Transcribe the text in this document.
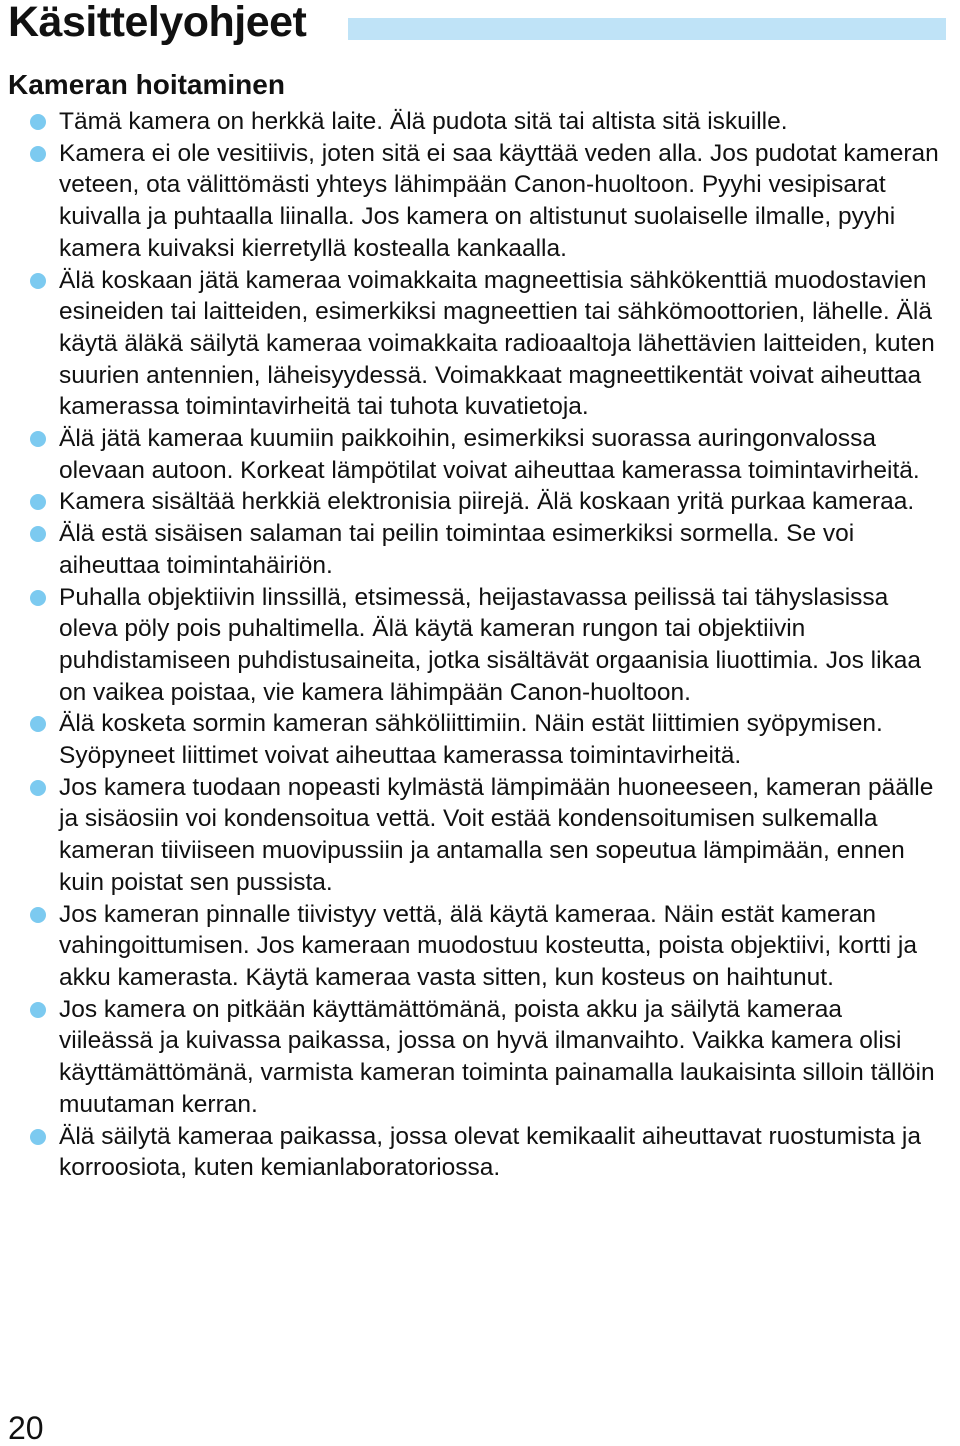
Käsittelyohjeet
Kameran hoitaminen
Tämä kamera on herkkä laite. Älä pudota sitä tai altista sitä iskuille.
Kamera ei ole vesitiivis, joten sitä ei saa käyttää veden alla. Jos pudotat kameran veteen, ota välittömästi yhteys lähimpään Canon-huoltoon. Pyyhi vesipisarat kuivalla ja puhtaalla liinalla. Jos kamera on altistunut suolaiselle ilmalle, pyyhi kamera kuivaksi kierretyllä kostealla kankaalla.
Älä koskaan jätä kameraa voimakkaita magneettisia sähkökenttiä muodostavien esineiden tai laitteiden, esimerkiksi magneettien tai sähkömoottorien, lähelle. Älä käytä äläkä säilytä kameraa voimakkaita radioaaltoja lähettävien laitteiden, kuten suurien antennien, läheisyydessä. Voimakkaat magneettikentät voivat aiheuttaa kamerassa toimintavirheitä tai tuhota kuvatietoja.
Älä jätä kameraa kuumiin paikkoihin, esimerkiksi suorassa auringonvalossa olevaan autoon. Korkeat lämpötilat voivat aiheuttaa kamerassa toimintavirheitä.
Kamera sisältää herkkiä elektronisia piirejä. Älä koskaan yritä purkaa kameraa.
Älä estä sisäisen salaman tai peilin toimintaa esimerkiksi sormella. Se voi aiheuttaa toimintahäiriön.
Puhalla objektiivin linssillä, etsimessä, heijastavassa peilissä tai tähyslasissa oleva pöly pois puhaltimella. Älä käytä kameran rungon tai objektiivin puhdistamiseen puhdistusaineita, jotka sisältävät orgaanisia liuottimia. Jos likaa on vaikea poistaa, vie kamera lähimpään Canon-huoltoon.
Älä kosketa sormin kameran sähköliittimiin. Näin estät liittimien syöpymisen. Syöpyneet liittimet voivat aiheuttaa kamerassa toimintavirheitä.
Jos kamera tuodaan nopeasti kylmästä lämpimään huoneeseen, kameran päälle ja sisäosiin voi kondensoitua vettä. Voit estää kondensoitumisen sulkemalla kameran tiiviiseen muovipussiin ja antamalla sen sopeutua lämpimään, ennen kuin poistat sen pussista.
Jos kameran pinnalle tiivistyy vettä, älä käytä kameraa. Näin estät kameran vahingoittumisen. Jos kameraan muodostuu kosteutta, poista objektiivi, kortti ja akku kamerasta. Käytä kameraa vasta sitten, kun kosteus on haihtunut.
Jos kamera on pitkään käyttämättömänä, poista akku ja säilytä kameraa viileässä ja kuivassa paikassa, jossa on hyvä ilmanvaihto. Vaikka kamera olisi käyttämättömänä, varmista kameran toiminta painamalla laukaisinta silloin tällöin muutaman kerran.
Älä säilytä kameraa paikassa, jossa olevat kemikaalit aiheuttavat ruostumista ja korroosiota, kuten kemianlaboratoriossa.
20
